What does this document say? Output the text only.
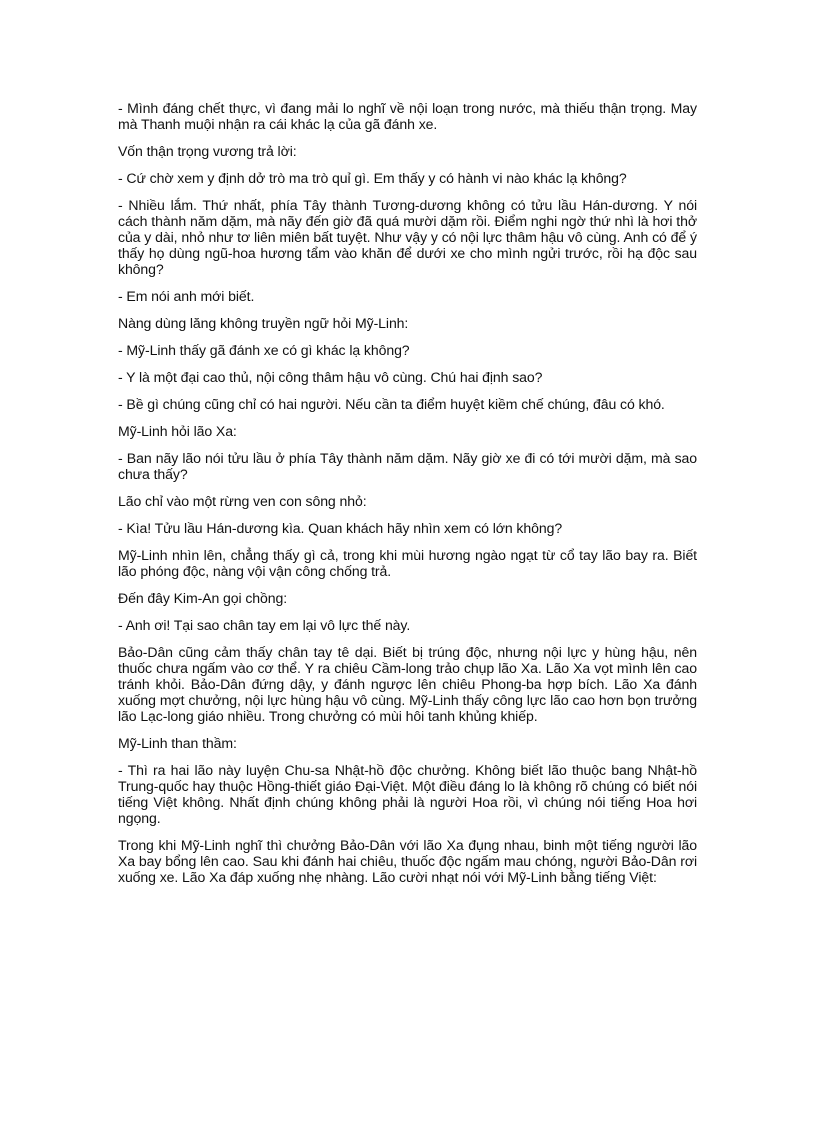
- Mình đáng chết thực, vì đang mải lo nghĩ về nội loạn trong nước, mà thiếu thận trọng. May mà Thanh muội nhận ra cái khác lạ của gã đánh xe.

Vốn thận trọng vương trả lời:

- Cứ chờ xem y định dở trò ma trò quỉ gì. Em thấy y có hành vi nào khác lạ không?

- Nhiều lắm. Thứ nhất, phía Tây thành Tương-dương không có tửu lầu Hán-dương. Y nói cách thành năm dặm, mà nãy đến giờ đã quá mười dặm rồi. Điểm nghi ngờ thứ nhì là hơi thở của y dài, nhỏ như tơ liên miên bất tuyệt. Như vậy y có nội lực thâm hậu vô cùng. Anh có để ý thấy họ dùng ngũ-hoa hương tẩm vào khăn để dưới xe cho mình ngửi trước, rồi hạ độc sau không?

- Em nói anh mới biết.

Nàng dùng lăng không truyền ngữ hỏi Mỹ-Linh:

- Mỹ-Linh thấy gã đánh xe có gì khác lạ không?

- Y là một đại cao thủ, nội công thâm hậu vô cùng. Chú hai định sao?

- Bề gì chúng cũng chỉ có hai người. Nếu cần ta điểm huyệt kiềm chế chúng, đâu có khó.

Mỹ-Linh hỏi lão Xa:

- Ban nãy lão nói tửu lầu ở phía Tây thành năm dặm. Nãy giờ xe đi có tới mười dặm, mà sao chưa thấy?

Lão chỉ vào một rừng ven con sông nhỏ:

- Kìa! Tửu lầu Hán-dương kìa. Quan khách hãy nhìn xem có lớn không?

Mỹ-Linh nhìn lên, chẳng thấy gì cả, trong khi mùi hương ngào ngạt từ cổ tay lão bay ra. Biết lão phóng độc, nàng vội vận công chống trả.

Đến đây Kim-An gọi chồng:

- Anh ơi! Tại sao chân tay em lại vô lực thế này.

Bảo-Dân cũng cảm thấy chân tay tê dại. Biết bị trúng độc, nhưng nội lực y hùng hậu, nên thuốc chưa ngấm vào cơ thể. Y ra chiêu Cầm-long trảo chụp lão Xa. Lão Xa vọt mình lên cao tránh khỏi. Bảo-Dân đứng dậy, y đánh ngược lên chiêu Phong-ba hợp bích. Lão Xa đánh xuống mợt chưởng, nội lực hùng hậu vô cùng. Mỹ-Linh thấy công lực lão cao hơn bọn trưởng lão Lạc-long giáo nhiều. Trong chưởng có mùi hôi tanh khủng khiếp.

Mỹ-Linh than thầm:

- Thì ra hai lão này luyện Chu-sa Nhật-hồ độc chưởng. Không biết lão thuộc bang Nhật-hồ Trung-quốc hay thuộc Hồng-thiết giáo Đại-Việt. Một điều đáng lo là không rõ chúng có biết nói tiếng Việt không. Nhất định chúng không phải là người Hoa rồi, vì chúng nói tiếng Hoa hơi ngọng.

Trong khi Mỹ-Linh nghĩ thì chưởng Bảo-Dân với lão Xa đụng nhau, binh một tiếng người lão Xa bay bổng lên cao. Sau khi đánh hai chiêu, thuốc độc ngấm mau chóng, người Bảo-Dân rơi xuống xe. Lão Xa đáp xuống nhẹ nhàng. Lão cười nhạt nói với Mỹ-Linh bằng tiếng Việt:
